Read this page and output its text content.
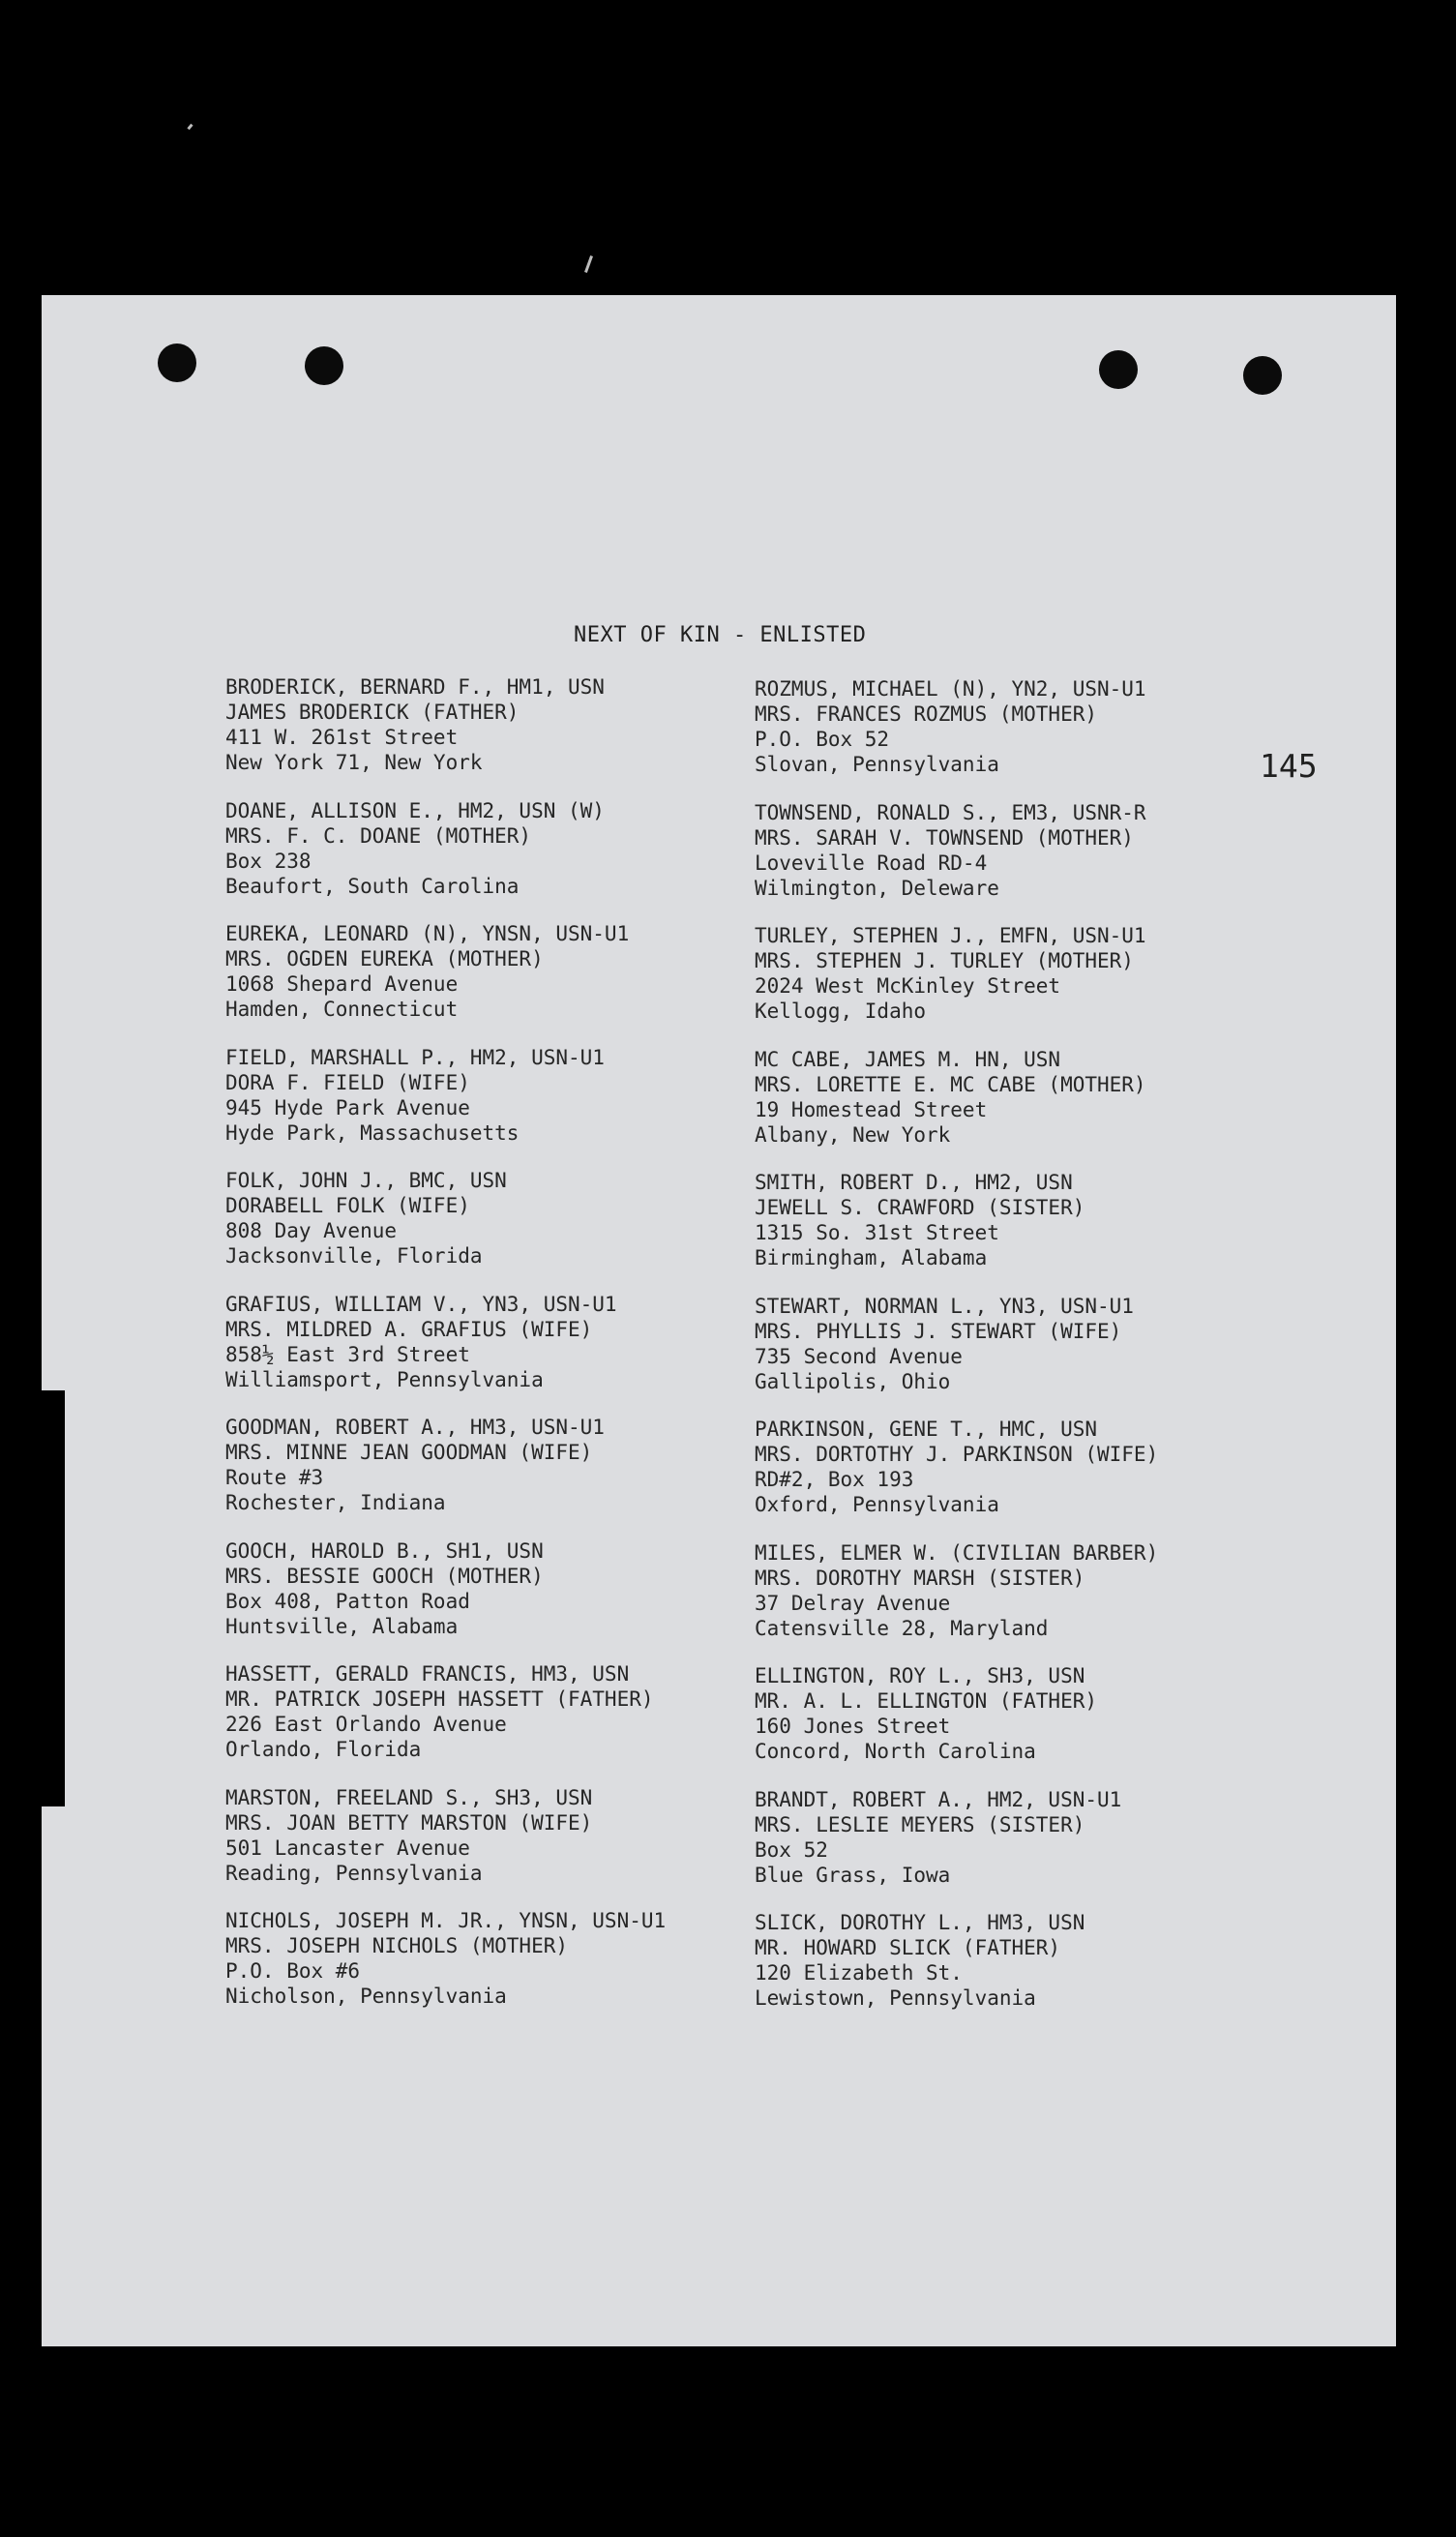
NEXT OF KIN - ENLISTED
145
BRODERICK, BERNARD F., HM1, USN
JAMES BRODERICK (FATHER)
411 W. 261st Street
New York 71, New York
DOANE, ALLISON E., HM2, USN (W)
MRS. F. C. DOANE (MOTHER)
Box 238
Beaufort, South Carolina
EUREKA, LEONARD (N), YNSN, USN-U1
MRS. OGDEN EUREKA (MOTHER)
1068 Shepard Avenue
Hamden, Connecticut
FIELD, MARSHALL P., HM2, USN-U1
DORA F. FIELD (WIFE)
945 Hyde Park Avenue
Hyde Park, Massachusetts
FOLK, JOHN J., BMC, USN
DORABELL FOLK (WIFE)
808 Day Avenue
Jacksonville, Florida
GRAFIUS, WILLIAM V., YN3, USN-U1
MRS. MILDRED A. GRAFIUS (WIFE)
858½ East 3rd Street
Williamsport, Pennsylvania
GOODMAN, ROBERT A., HM3, USN-U1
MRS. MINNE JEAN GOODMAN (WIFE)
Route #3
Rochester, Indiana
GOOCH, HAROLD B., SH1, USN
MRS. BESSIE GOOCH (MOTHER)
Box 408, Patton Road
Huntsville, Alabama
HASSETT, GERALD FRANCIS, HM3, USN
MR. PATRICK JOSEPH HASSETT (FATHER)
226 East Orlando Avenue
Orlando, Florida
MARSTON, FREELAND S., SH3, USN
MRS. JOAN BETTY MARSTON (WIFE)
501 Lancaster Avenue
Reading, Pennsylvania
NICHOLS, JOSEPH M. JR., YNSN, USN-U1
MRS. JOSEPH NICHOLS (MOTHER)
P.O. Box #6
Nicholson, Pennsylvania
ROZMUS, MICHAEL (N), YN2, USN-U1
MRS. FRANCES ROZMUS (MOTHER)
P.O. Box 52
Slovan, Pennsylvania
TOWNSEND, RONALD S., EM3, USNR-R
MRS. SARAH V. TOWNSEND (MOTHER)
Loveville Road RD-4
Wilmington, Deleware
TURLEY, STEPHEN J., EMFN, USN-U1
MRS. STEPHEN J. TURLEY (MOTHER)
2024 West McKinley Street
Kellogg, Idaho
MC CABE, JAMES M. HN, USN
MRS. LORETTE E. MC CABE (MOTHER)
19 Homestead Street
Albany, New York
SMITH, ROBERT D., HM2, USN
JEWELL S. CRAWFORD (SISTER)
1315 So. 31st Street
Birmingham, Alabama
STEWART, NORMAN L., YN3, USN-U1
MRS. PHYLLIS J. STEWART (WIFE)
735 Second Avenue
Gallipolis, Ohio
PARKINSON, GENE T., HMC, USN
MRS. DORTOTHY J. PARKINSON (WIFE)
RD#2, Box 193
Oxford, Pennsylvania
MILES, ELMER W. (CIVILIAN BARBER)
MRS. DOROTHY MARSH (SISTER)
37 Delray Avenue
Catensville 28, Maryland
ELLINGTON, ROY L., SH3, USN
MR. A. L. ELLINGTON (FATHER)
160 Jones Street
Concord, North Carolina
BRANDT, ROBERT A., HM2, USN-U1
MRS. LESLIE MEYERS (SISTER)
Box 52
Blue Grass, Iowa
SLICK, DOROTHY L., HM3, USN
MR. HOWARD SLICK (FATHER)
120 Elizabeth St.
Lewistown, Pennsylvania
